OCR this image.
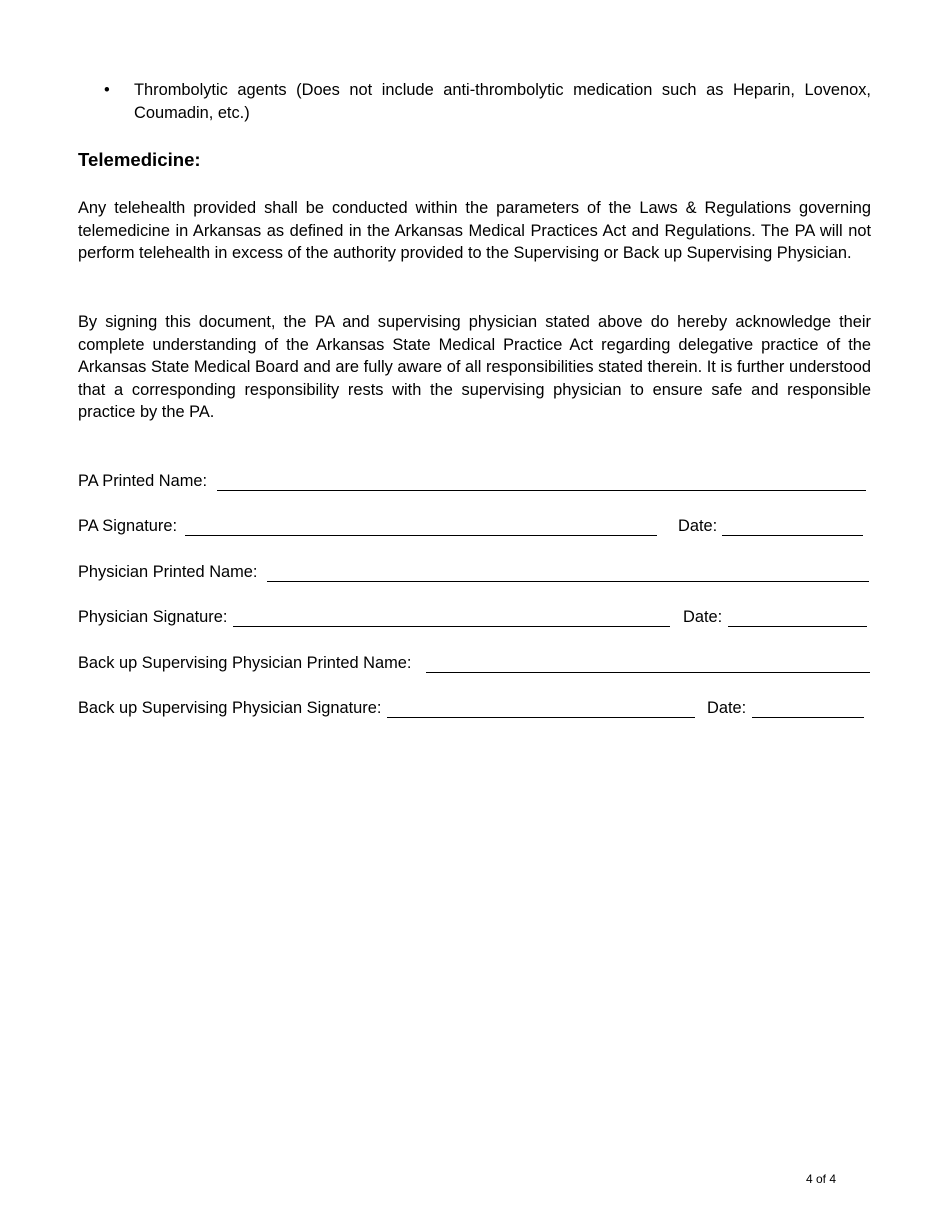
•	Thrombolytic agents (Does not include anti-thrombolytic medication such as Heparin, Lovenox, Coumadin, etc.)
Telemedicine:
Any telehealth provided shall be conducted within the parameters of the Laws & Regulations governing telemedicine in Arkansas as defined in the Arkansas Medical Practices Act and Regulations. The PA will not perform telehealth in excess of the authority provided to the Supervising or Back up Supervising Physician.
By signing this document, the PA and supervising physician stated above do hereby acknowledge their complete understanding of the Arkansas State Medical Practice Act regarding delegative practice of the Arkansas State Medical Board and are fully aware of all responsibilities stated therein. It is further understood that a corresponding responsibility rests with the supervising physician to ensure safe and responsible practice by the PA.
PA Printed Name:
PA Signature:	Date:
Physician Printed Name:
Physician Signature:	Date:
Back up Supervising Physician Printed Name:
Back up Supervising Physician Signature:	Date:
4 of 4
